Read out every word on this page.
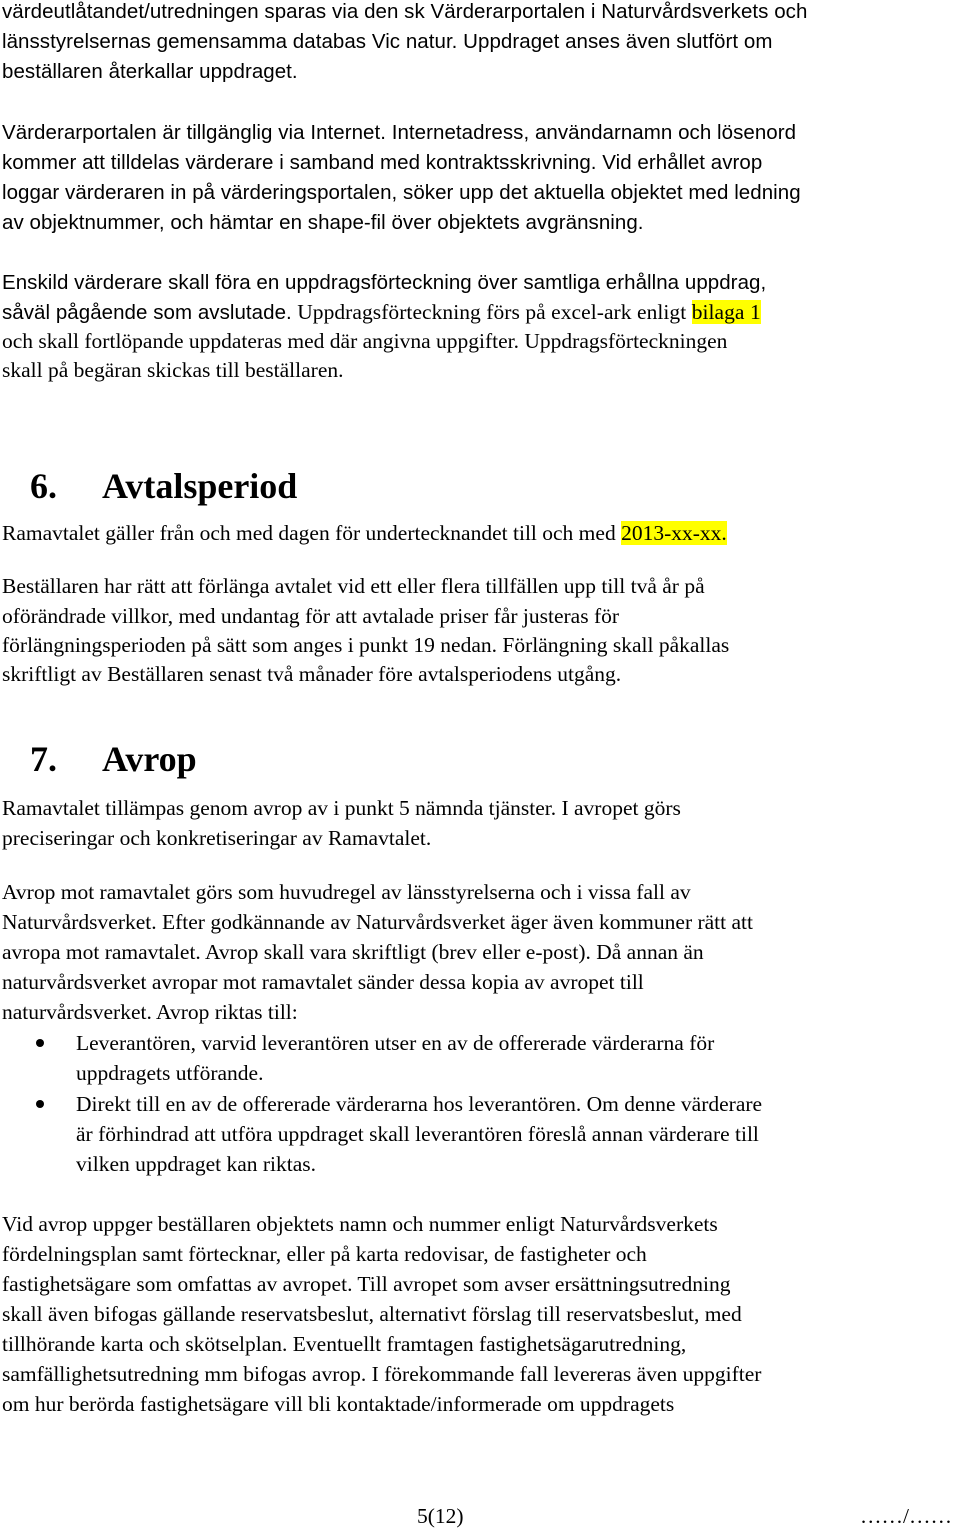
värdeutlåtandet/utredningen sparas via den sk Värderarportalen i Naturvårdsverkets och
länsstyrelsernas gemensamma databas Vic natur. Uppdraget anses även slutfört om
beställaren återkallar uppdraget.
Värderarportalen är tillgänglig via Internet. Internetadress, användarnamn och lösenord
kommer att tilldelas värderare i samband med kontraktsskrivning. Vid erhållet avrop
loggar värderaren in på värderingsportalen, söker upp det aktuella objektet med ledning
av objektnummer, och hämtar en shape-fil över objektets avgränsning.
Enskild värderare skall föra en uppdragsförteckning över samtliga erhållna uppdrag,
såväl pågående som avslutade. Uppdragsförteckning förs på excel-ark enligt bilaga 1
och skall fortlöpande uppdateras med där angivna uppgifter. Uppdragsförteckningen
skall på begäran skickas till beställaren.
6. Avtalsperiod
Ramavtalet gäller från och med dagen för undertecknandet till och med 2013-xx-xx.
Beställaren har rätt att förlänga avtalet vid ett eller flera tillfällen upp till två år på
oförändrade villkor, med undantag för att avtalade priser får justeras för
förlängningsperioden på sätt som anges i punkt 19 nedan. Förlängning skall påkallas
skriftligt av Beställaren senast två månader före avtalsperiodens utgång.
7. Avrop
Ramavtalet tillämpas genom avrop av i punkt 5 nämnda tjänster. I avropet görs
preciseringar och konkretiseringar av Ramavtalet.
Avrop mot ramavtalet görs som huvudregel av länsstyrelserna och i vissa fall av
Naturvårdsverket. Efter godkännande av Naturvårdsverket äger även kommuner rätt att
avropa mot ramavtalet. Avrop skall vara skriftligt (brev eller e-post). Då annan än
naturvårdsverket avropar mot ramavtalet sänder dessa kopia av avropet till
naturvårdsverket. Avrop riktas till:
Leverantören, varvid leverantören utser en av de offererade värderarna för
uppdragets utförande.
Direkt till en av de offererade värderarna hos leverantören. Om denne värderare
är förhindrad att utföra uppdraget skall leverantören föreslå annan värderare till
vilken uppdraget kan riktas.
Vid avrop uppger beställaren objektets namn och nummer enligt Naturvårdsverkets
fördelningsplan samt förtecknar, eller på karta redovisar, de fastigheter och
fastighetsägare som omfattas av avropet. Till avropet som avser ersättningsutredning
skall även bifogas gällande reservatsbeslut, alternativt förslag till reservatsbeslut, med
tillhörande karta och skötselplan. Eventuellt framtagen fastighetsägarutredning,
samfällighetsutredning mm bifogas avrop. I förekommande fall levereras även uppgifter
om hur berörda fastighetsägare vill bli kontaktade/informerade om uppdragets
5(12)	……/……
